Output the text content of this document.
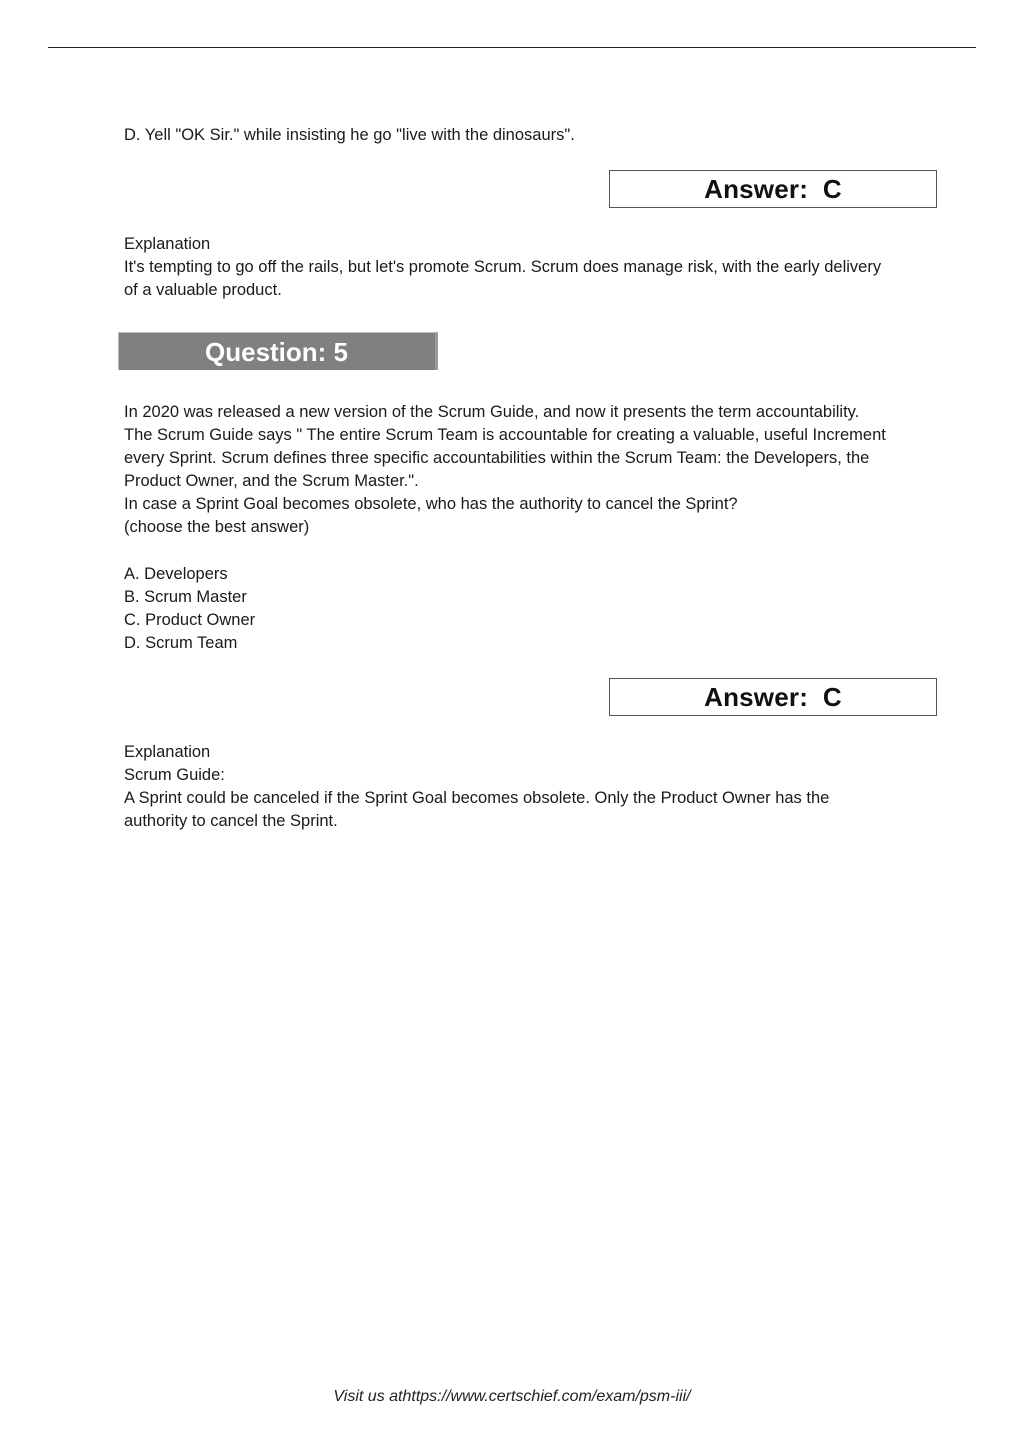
D. Yell "OK Sir." while insisting he go "live with the dinosaurs".
Answer:  C
Explanation
It's tempting to go off the rails, but let's promote Scrum. Scrum does manage risk, with the early delivery
of a valuable product.
Question: 5
In 2020 was released a new version of the Scrum Guide, and now it presents the term accountability.
The Scrum Guide says " The entire Scrum Team is accountable for creating a valuable, useful Increment
every Sprint. Scrum defines three specific accountabilities within the Scrum Team: the Developers, the
Product Owner, and the Scrum Master.".
In case a Sprint Goal becomes obsolete, who has the authority to cancel the Sprint?
(choose the best answer)
A. Developers
B. Scrum Master
C. Product Owner
D. Scrum Team
Answer:  C
Explanation
Scrum Guide:
A Sprint could be canceled if the Sprint Goal becomes obsolete. Only the Product Owner has the
authority to cancel the Sprint.
Visit us athttps://www.certschief.com/exam/psm-iii/
